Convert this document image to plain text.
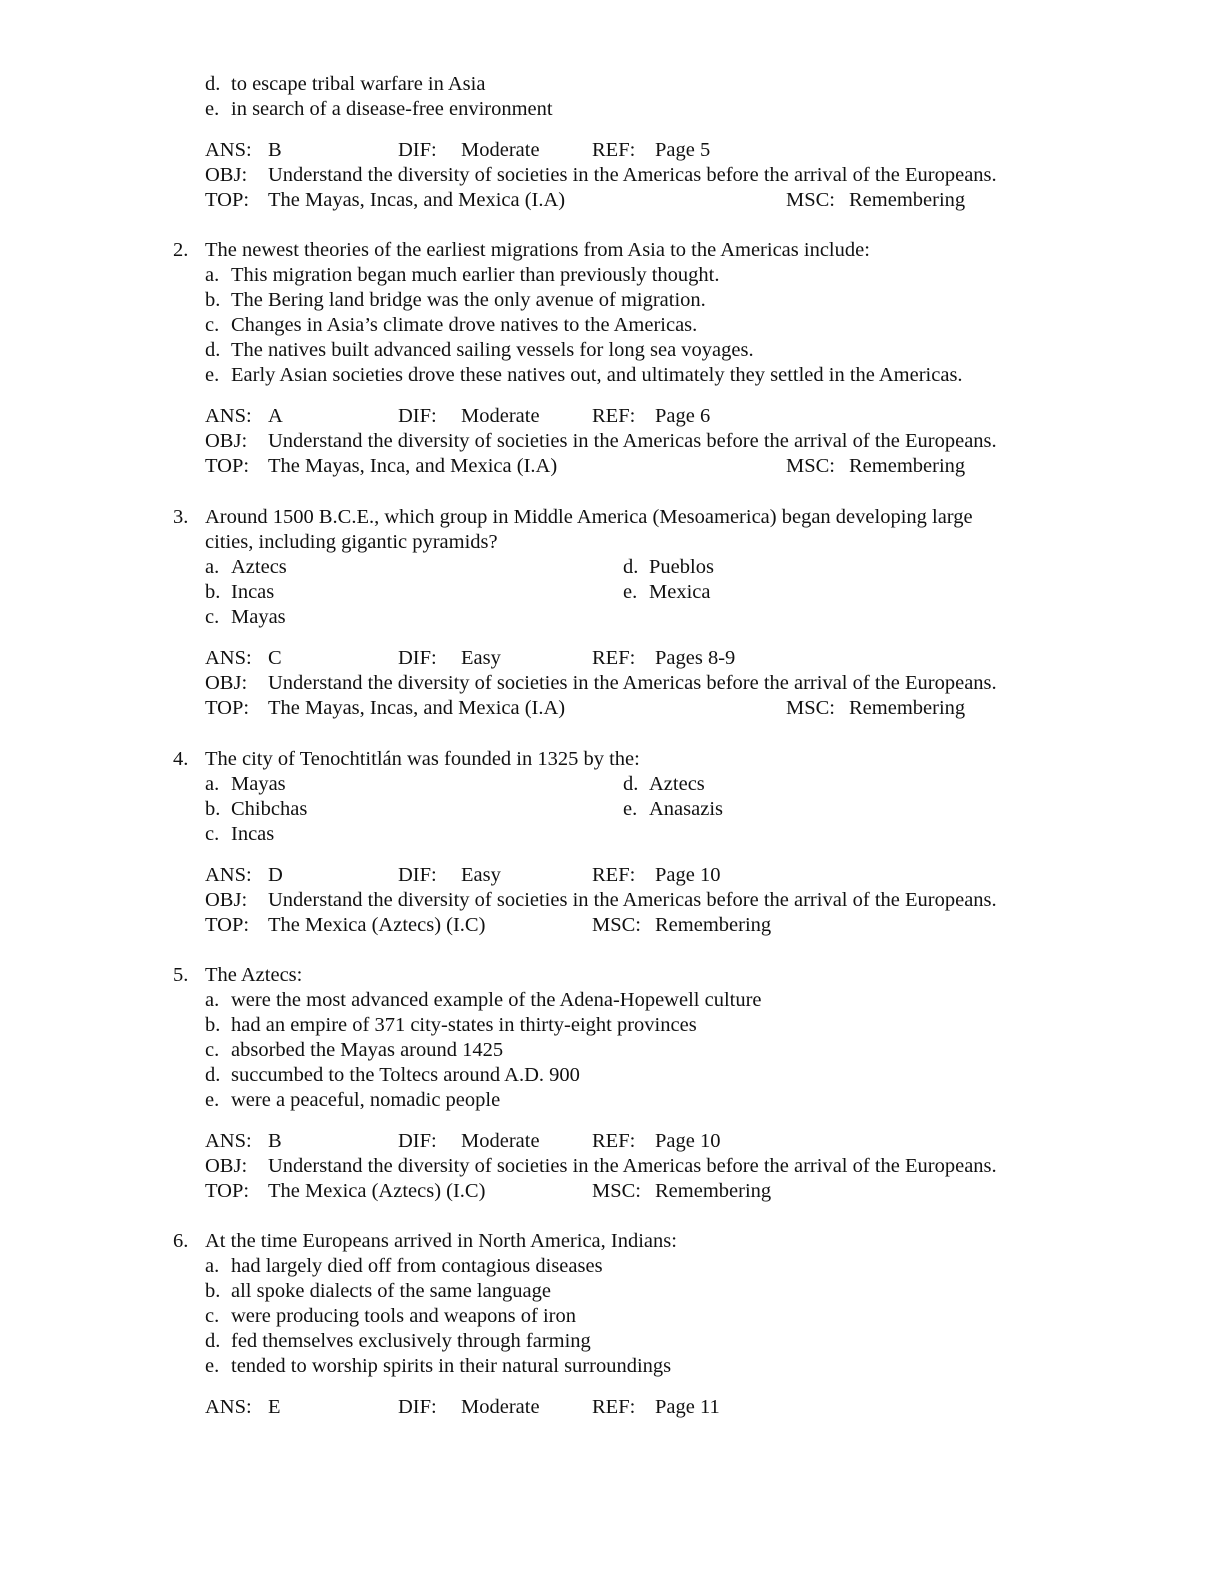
d. to escape tribal warfare in Asia
e. in search of a disease-free environment
ANS: B	DIF: Moderate	REF: Page 5
OBJ: Understand the diversity of societies in the Americas before the arrival of the Europeans.
TOP: The Mayas, Incas, and Mexica (I.A)	MSC: Remembering
2. The newest theories of the earliest migrations from Asia to the Americas include:
a. This migration began much earlier than previously thought.
b. The Bering land bridge was the only avenue of migration.
c. Changes in Asia’s climate drove natives to the Americas.
d. The natives built advanced sailing vessels for long sea voyages.
e. Early Asian societies drove these natives out, and ultimately they settled in the Americas.
ANS: A	DIF: Moderate	REF: Page 6
OBJ: Understand the diversity of societies in the Americas before the arrival of the Europeans.
TOP: The Mayas, Inca, and Mexica (I.A)	MSC: Remembering
3. Around 1500 B.C.E., which group in Middle America (Mesoamerica) began developing large
cities, including gigantic pyramids?
a. Aztecs
b. Incas
c. Mayas
d. Pueblos
e. Mexica
ANS: C	DIF: Easy	REF: Pages 8-9
OBJ: Understand the diversity of societies in the Americas before the arrival of the Europeans.
TOP: The Mayas, Incas, and Mexica (I.A)	MSC: Remembering
4. The city of Tenochtitlán was founded in 1325 by the:
a. Mayas
b. Chibchas
c. Incas
d. Aztecs
e. Anasazis
ANS: D	DIF: Easy	REF: Page 10
OBJ: Understand the diversity of societies in the Americas before the arrival of the Europeans.
TOP: The Mexica (Aztecs) (I.C)	MSC: Remembering
5. The Aztecs:
a. were the most advanced example of the Adena-Hopewell culture
b. had an empire of 371 city-states in thirty-eight provinces
c. absorbed the Mayas around 1425
d. succumbed to the Toltecs around A.D. 900
e. were a peaceful, nomadic people
ANS: B	DIF: Moderate	REF: Page 10
OBJ: Understand the diversity of societies in the Americas before the arrival of the Europeans.
TOP: The Mexica (Aztecs) (I.C)	MSC: Remembering
6. At the time Europeans arrived in North America, Indians:
a. had largely died off from contagious diseases
b. all spoke dialects of the same language
c. were producing tools and weapons of iron
d. fed themselves exclusively through farming
e. tended to worship spirits in their natural surroundings
ANS: E	DIF: Moderate	REF: Page 11
